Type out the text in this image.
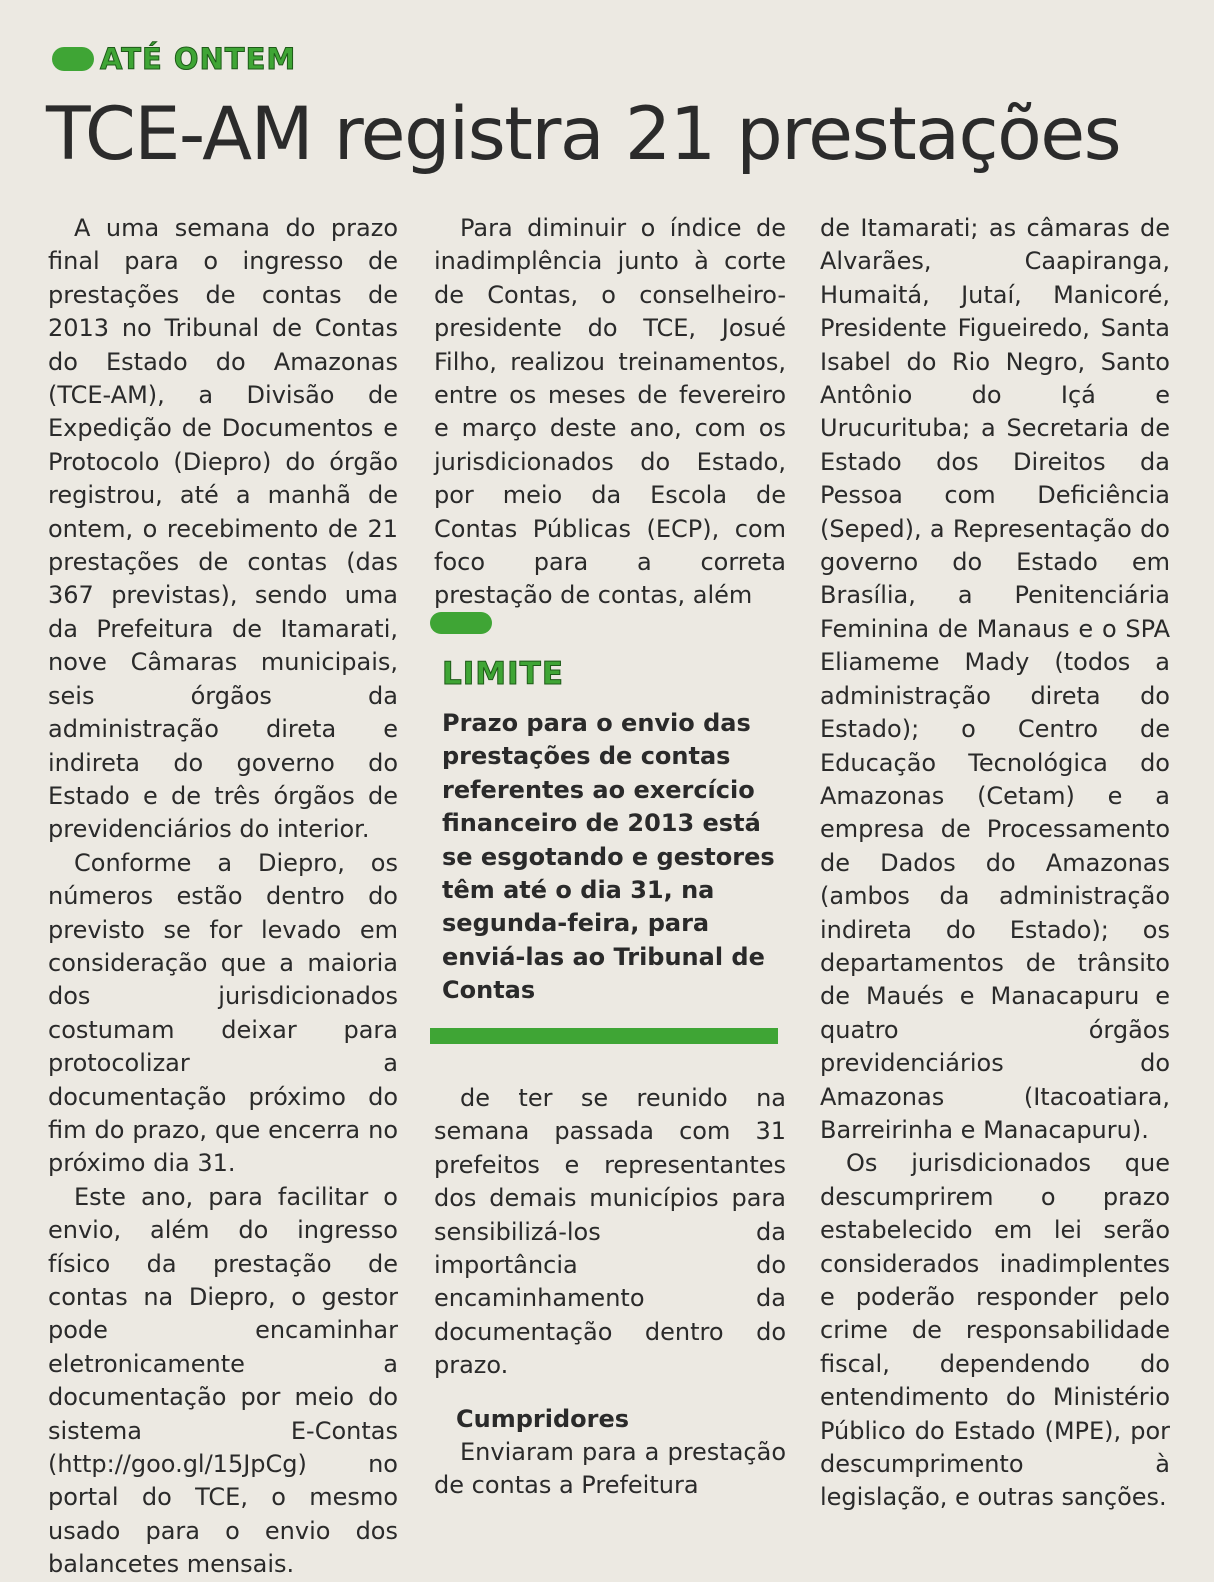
ATÉ ONTEM
TCE-AM registra 21 prestações

A uma semana do prazo final para o ingresso de prestações de contas de 2013 no Tribunal de Contas do Estado do Amazonas (TCE-AM), a Divisão de Expedição de Documentos e Protocolo (Diepro) do órgão registrou, até a manhã de ontem, o recebimento de 21 prestações de contas (das 367 previstas), sendo uma da Prefeitura de Itamarati, nove Câmaras municipais, seis órgãos da administração direta e indireta do governo do Estado e de três órgãos de previdenciários do interior.

Conforme a Diepro, os números estão dentro do previsto se for levado em consideração que a maioria dos jurisdicionados costumam deixar para protocolizar a documentação próximo do fim do prazo, que encerra no próximo dia 31.

Este ano, para facilitar o envio, além do ingresso físico da prestação de contas na Diepro, o gestor pode encaminhar eletronicamente a documentação por meio do sistema E-Contas (http://goo.gl/15JpCg) no portal do TCE, o mesmo usado para o envio dos balancetes mensais.

Para diminuir o índice de inadimplência junto à corte de Contas, o conselheiro-presidente do TCE, Josué Filho, realizou treinamentos, entre os meses de fevereiro e março deste ano, com os jurisdicionados do Estado, por meio da Escola de Contas Públicas (ECP), com foco para a correta prestação de contas, além

LIMITE
Prazo para o envio das prestações de contas referentes ao exercício financeiro de 2013 está se esgotando e gestores têm até o dia 31, na segunda-feira, para enviá-las ao Tribunal de Contas

de ter se reunido na semana passada com 31 prefeitos e representantes dos demais municípios para sensibilizá-los da importância do encaminhamento da documentação dentro do prazo.

Cumpridores

Enviaram para a prestação de contas a Prefeitura

de Itamarati; as câmaras de Alvarães, Caapiranga, Humaitá, Jutaí, Manicoré, Presidente Figueiredo, Santa Isabel do Rio Negro, Santo Antônio do Içá e Urucurituba; a Secretaria de Estado dos Direitos da Pessoa com Deficiência (Seped), a Representação do governo do Estado em Brasília, a Penitenciária Feminina de Manaus e o SPA Eliameme Mady (todos a administração direta do Estado); o Centro de Educação Tecnológica do Amazonas (Cetam) e a empresa de Processamento de Dados do Amazonas (ambos da administração indireta do Estado); os departamentos de trânsito de Maués e Manacapuru e quatro órgãos previdenciários do Amazonas (Itacoatiara, Barreirinha e Manacapuru).

Os jurisdicionados que descumprirem o prazo estabelecido em lei serão considerados inadimplentes e poderão responder pelo crime de responsabilidade fiscal, dependendo do entendimento do Ministério Público do Estado (MPE), por descumprimento à legislação, e outras sanções.
